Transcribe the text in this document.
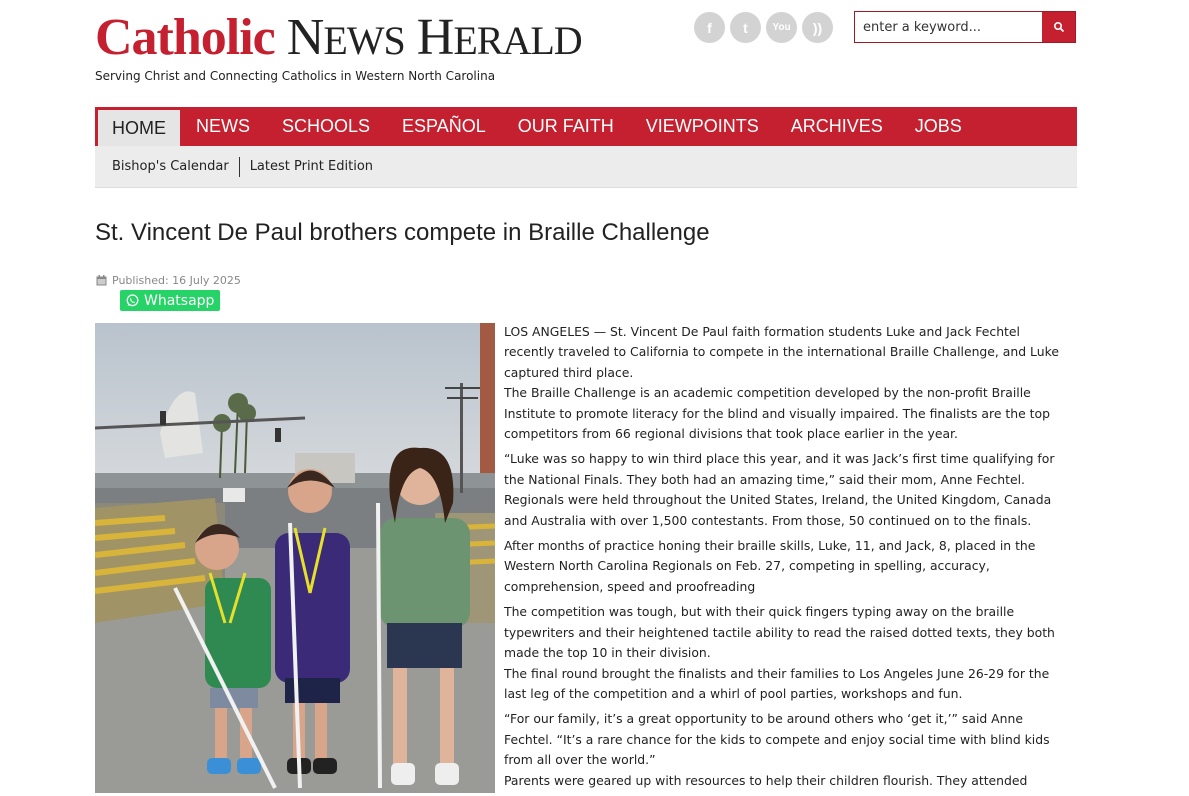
Catholic NEWS HERALD
Serving Christ and Connecting Catholics in Western North Carolina
f	t	You	))
enter a keyword...
HOME	NEWS	SCHOOLS	ESPAÑOL	OUR FAITH	VIEWPOINTS	ARCHIVES	JOBS
Bishop's Calendar	Latest Print Edition
St. Vincent De Paul brothers compete in Braille Challenge
Published: 16 July 2025
Whatsapp

LOS ANGELES — St. Vincent De Paul faith formation students Luke and Jack Fechtel recently traveled to California to compete in the international Braille Challenge, and Luke captured third place.
The Braille Challenge is an academic competition developed by the non-profit Braille Institute to promote literacy for the blind and visually impaired. The finalists are the top competitors from 66 regional divisions that took place earlier in the year.

“Luke was so happy to win third place this year, and it was Jack’s first time qualifying for the National Finals. They both had an amazing time,” said their mom, Anne Fechtel.
Regionals were held throughout the United States, Ireland, the United Kingdom, Canada and Australia with over 1,500 contestants. From those, 50 continued on to the finals.

After months of practice honing their braille skills, Luke, 11, and Jack, 8, placed in the Western North Carolina Regionals on Feb. 27, competing in spelling, accuracy, comprehension, speed and proofreading

The competition was tough, but with their quick fingers typing away on the braille typewriters and their heightened tactile ability to read the raised dotted texts, they both made the top 10 in their division.
The final round brought the finalists and their families to Los Angeles June 26-29 for the last leg of the competition and a whirl of pool parties, workshops and fun.

“For our family, it’s a great opportunity to be around others who ‘get it,’” said Anne Fechtel. “It’s a rare chance for the kids to compete and enjoy social time with blind kids from all over the world.”
Parents were geared up with resources to help their children flourish. They attended
